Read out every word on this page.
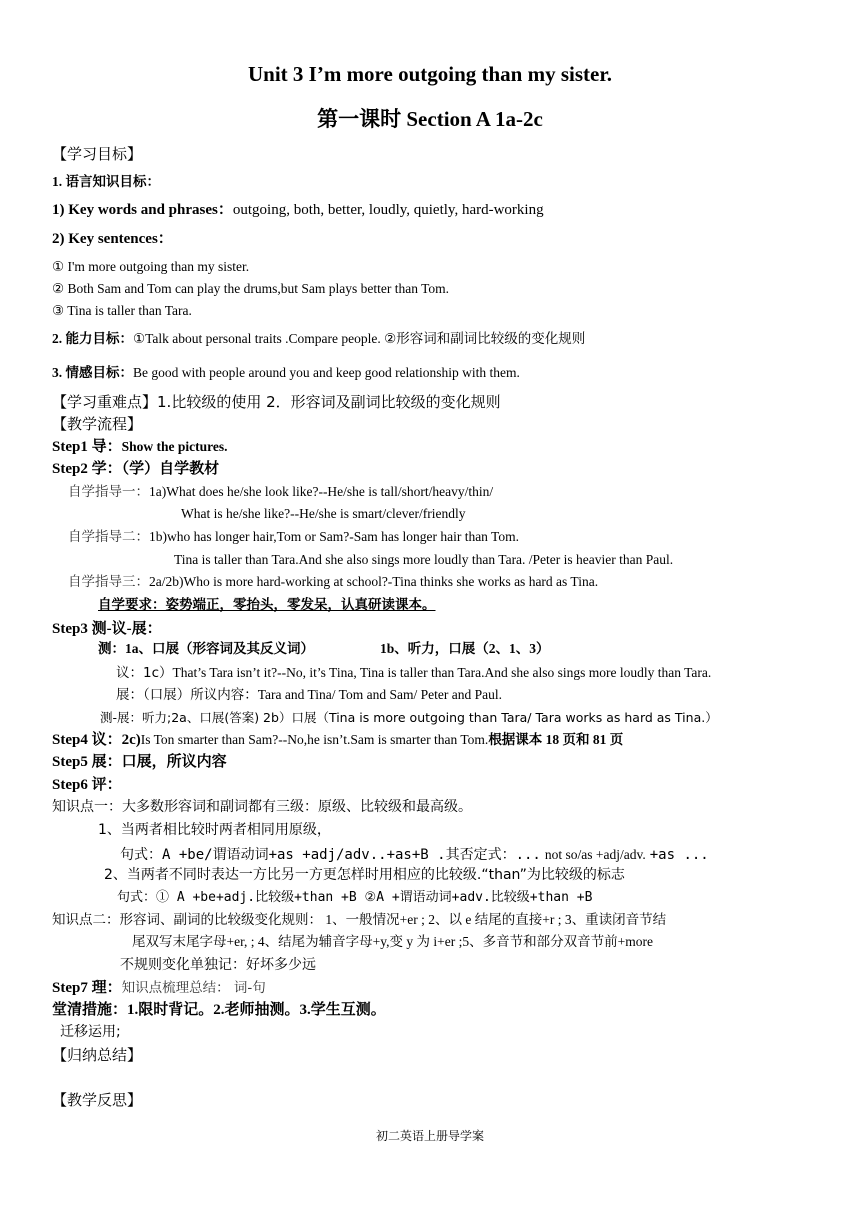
Unit 3 I’m more outgoing than my sister.
第一课时 Section A 1a-2c
【学习目标】
1. 语言知识目标：
1) Key words and phrases：outgoing, both, better, loudly, quietly, hard-working
2) Key sentences：
① I'm more outgoing than my sister.
② Both Sam and Tom can play the drums,but Sam plays better than Tom.
③ Tina is taller than Tara.
2. 能力目标：①Talk about personal traits .Compare people. ②形容词和副词比较级的变化规则
3. 情感目标：Be good with people around you and keep good relationship with them.
【学习重难点】1.比较级的使用 2．形容词及副词比较级的变化规则
【教学流程】
Step1 导：Show the pictures.
Step2 学：（学）自学教材
自学指导一：1a)What does he/she look like?--He/she is tall/short/heavy/thin/
What is he/she like?--He/she is smart/clever/friendly
自学指导二：1b)who has longer hair,Tom or Sam?-Sam has longer hair than Tom.
Tina is taller than Tara.And she also sings more loudly than Tara. /Peter is heavier than Paul.
自学指导三：2a/2b)Who is more hard-working at school?-Tina thinks she works as hard as Tina.
自学要求：姿势端正，零抬头，零发呆，认真研读课本。
Step3 测-议-展：
测：1a、口展（形容词及其反义词）	1b、听力，口展（2、1、3）
议：1c）That’s Tara isn’t it?--No, it’s Tina, Tina is taller than Tara.And she also sings more loudly than Tara.
展：（口展）所议内容：Tara and Tina/ Tom and Sam/ Peter and Paul.
测-展：听力;2a、口展(答案) 2b）口展（Tina is more outgoing than Tara/ Tara works as hard as Tina.）
Step4 议：2c)Is Ton smarter than Sam?--No,he isn’t.Sam is smarter than Tom.根据课本 18 页和 81 页
Step5 展：口展，所议内容
Step6 评：
知识点一：大多数形容词和副词都有三级：原级、比较级和最高级。
1、当两者相比较时两者相同用原级，
句式：A +be/谓语动词+as +adj/adv..+as+B .其否定式：... not so/as +adj/adv. +as ...
2、当两者不同时表达一方比另一方更怎样时用相应的比较级.“than”为比较级的标志
句式：① A +be+adj.比较级+than +B ②A +谓语动词+adv.比较级+than +B
知识点二：形容词、副词的比较级变化规则： 1、一般情况+er ; 2、以 e 结尾的直接+r ; 3、重读闭音节结
尾双写末尾字母+er, ; 4、结尾为辅音字母+y,变 y 为 i+er ;5、多音节和部分双音节前+more
不规则变化单独记：好坏多少远
Step7 理：知识点梳理总结： 词-句
堂清措施：1.限时背记。2.老师抽测。3.学生互测。
迁移运用;
【归纳总结】
【教学反思】
初二英语上册导学案
